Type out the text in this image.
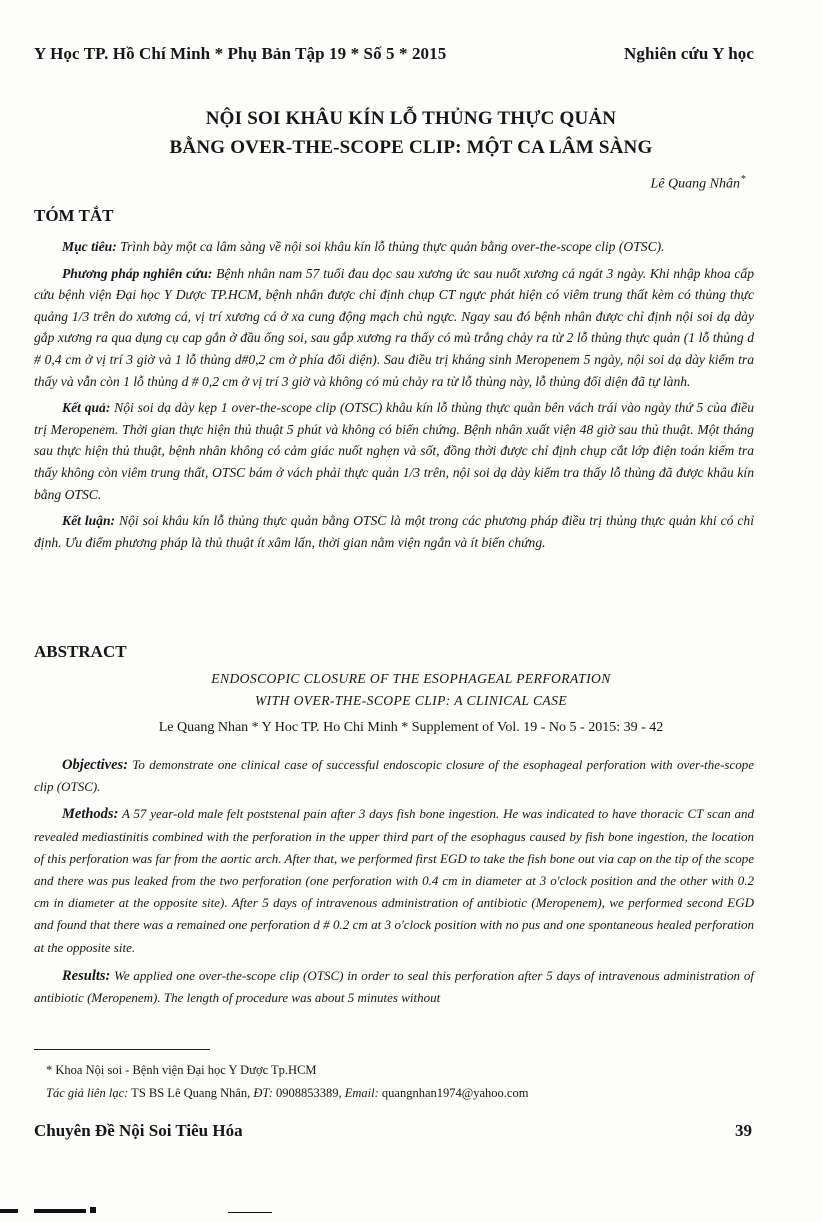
Y Học TP. Hồ Chí Minh * Phụ Bản Tập 19 * Số 5 * 2015	Nghiên cứu Y học
NỘI SOI KHÂU KÍN LỖ THỦNG THỰC QUẢN
BẰNG OVER-THE-SCOPE CLIP: MỘT CA LÂM SÀNG
Lê Quang Nhân*
TÓM TẮT

Mục tiêu: Trình bày một ca lâm sàng về nội soi khâu kín lỗ thủng thực quản bằng over-the-scope clip (OTSC).

Phương pháp nghiên cứu: Bệnh nhân nam 57 tuổi đau dọc sau xương ức sau nuốt xương cá ngát 3 ngày. Khi nhập khoa cấp cứu bệnh viện Đại học Y Dược TP.HCM, bệnh nhân được chỉ định chụp CT ngực phát hiện có viêm trung thất kèm có thủng thực quảng 1/3 trên do xương cá, vị trí xương cá ở xa cung động mạch chủ ngực. Ngay sau đó bệnh nhân được chỉ định nội soi dạ dày gắp xương ra qua dụng cụ cap gắn ở đầu ống soi, sau gắp xương ra thấy có mủ trắng chảy ra từ 2 lỗ thủng thực quản (1 lỗ thủng d # 0,4 cm ở vị trí 3 giờ và 1 lỗ thủng d#0,2 cm ở phía đối diện). Sau điều trị kháng sinh Meropenem 5 ngày, nội soi dạ dày kiểm tra thấy và vẫn còn 1 lỗ thủng d # 0,2 cm ở vị trí 3 giờ và không có mủ chảy ra từ lỗ thủng này, lỗ thủng đối diện đã tự lành.

Kết quả: Nội soi dạ dày kẹp 1 over-the-scope clip (OTSC) khâu kín lỗ thủng thực quản bên vách trái vào ngày thứ 5 của điều trị Meropenem. Thời gian thực hiện thủ thuật 5 phút và không có biến chứng. Bệnh nhân xuất viện 48 giờ sau thủ thuật. Một tháng sau thực hiện thủ thuật, bệnh nhân không có cảm giác nuốt nghẹn và sốt, đồng thời được chỉ định chụp cắt lớp điện toán kiểm tra thấy không còn viêm trung thất, OTSC bám ở vách phải thực quản 1/3 trên, nội soi dạ dày kiểm tra thấy lỗ thủng đã được khâu kín bằng OTSC.

Kết luận: Nội soi khâu kín lỗ thủng thực quản bằng OTSC là một trong các phương pháp điều trị thủng thực quản khi có chỉ định. Ưu điểm phương pháp là thủ thuật ít xâm lấn, thời gian nằm viện ngắn và ít biến chứng.

ABSTRACT
ENDOSCOPIC CLOSURE OF THE ESOPHAGEAL PERFORATION
WITH OVER-THE-SCOPE CLIP: A CLINICAL CASE
Le Quang Nhan * Y Hoc TP. Ho Chi Minh * Supplement of Vol. 19 - No 5 - 2015: 39 - 42

Objectives: To demonstrate one clinical case of successful endoscopic closure of the esophageal perforation with over-the-scope clip (OTSC).

Methods: A 57 year-old male felt poststenal pain after 3 days fish bone ingestion. He was indicated to have thoracic CT scan and revealed mediastinitis combined with the perforation in the upper third part of the esophagus caused by fish bone ingestion, the location of this perforation was far from the aortic arch. After that, we performed first EGD to take the fish bone out via cap on the tip of the scope and there was pus leaked from the two perforation (one perforation with 0.4 cm in diameter at 3 o'clock position and the other with 0.2 cm in diameter at the opposite site). After 5 days of intravenous administration of antibiotic (Meropenem), we performed second EGD and found that there was a remained one perforation d # 0.2 cm at 3 o'clock position with no pus and one spontaneous healed perforation at the opposite site.

Results: We applied one over-the-scope clip (OTSC) in order to seal this perforation after 5 days of intravenous administration of antibiotic (Meropenem). The length of procedure was about 5 minutes without

* Khoa Nội soi - Bệnh viện Đại học Y Dược Tp.HCM
Tác giả liên lạc: TS BS Lê Quang Nhân, ĐT: 0908853389, Email: quangnhan1974@yahoo.com
Chuyên Đề Nội Soi Tiêu Hóa	39
